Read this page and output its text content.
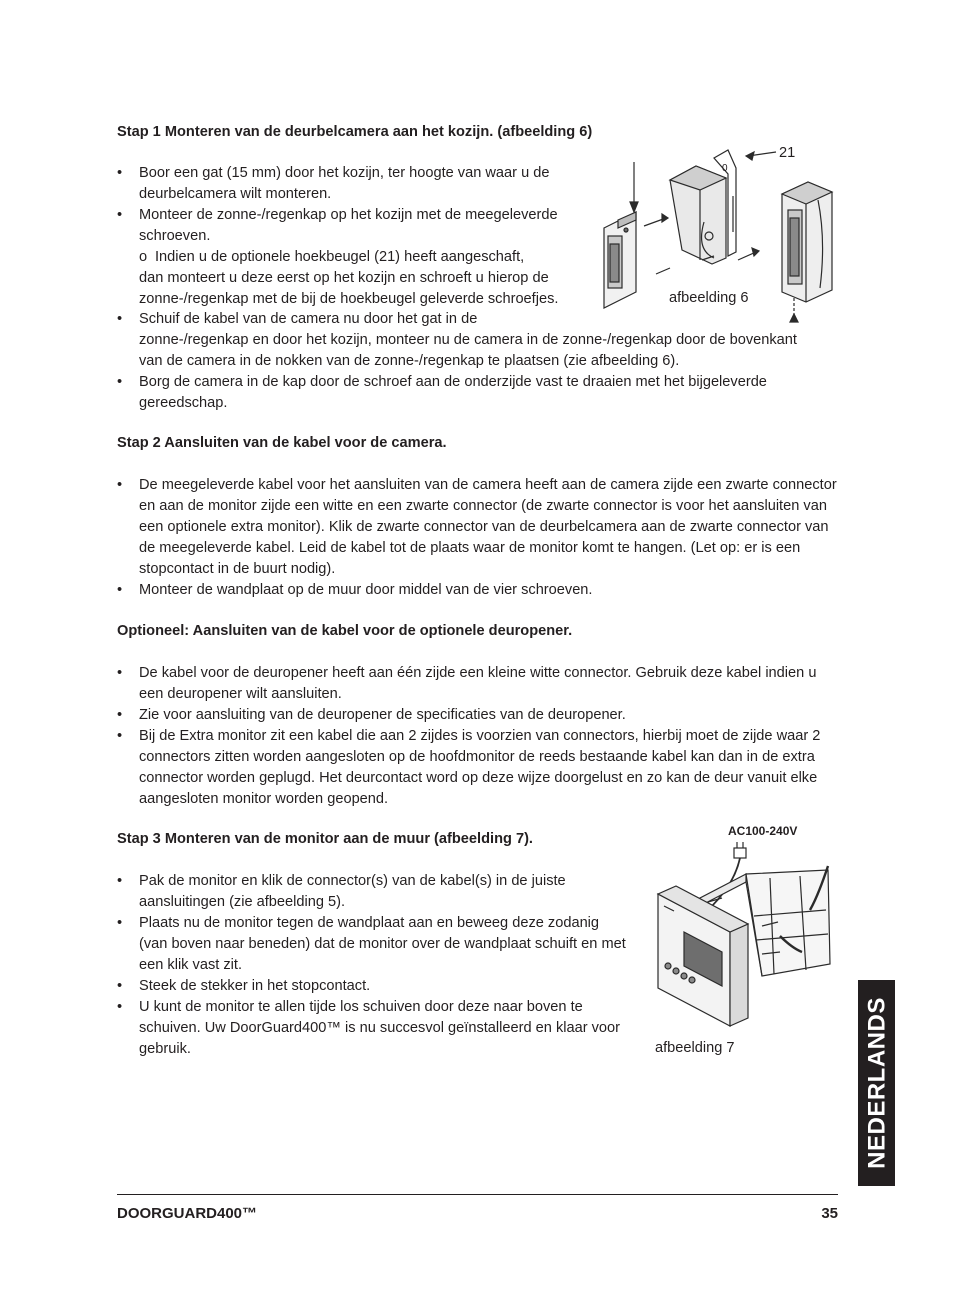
Stap 1 Monteren van de deurbelcamera aan het kozijn. (afbeelding 6)
• Boor een gat (15 mm) door het kozijn, ter hoogte van waar u de deurbelcamera wilt monteren.
• Monteer de zonne-/regenkap op het kozijn met de meegeleverde schroeven.
o Indien u de optionele hoekbeugel (21) heeft aangeschaft,
dan monteert u deze eerst op het kozijn en schroeft u hierop de
zonne-/regenkap met de bij de hoekbeugel geleverde schroefjes.
• Schuif de kabel van de camera nu door het gat in de
zonne-/regenkap en door het kozijn, monteer nu de camera in de zonne-/regenkap door de bovenkant
van de camera in de nokken van de zonne-/regenkap te plaatsen (zie afbeelding 6).
• Borg de camera in de kap door de schroef aan de onderzijde vast te draaien met het bijgeleverde gereedschap.
21
0
afbeelding 6
Stap 2 Aansluiten van de kabel voor de camera.
• De meegeleverde kabel voor het aansluiten van de camera heeft aan de camera zijde een zwarte connector en aan de monitor zijde een witte en een zwarte connector (de zwarte connector is voor het aansluiten van een optionele extra monitor). Klik de zwarte connector van de deurbelcamera aan de zwarte connector van de meegeleverde kabel. Leid de kabel tot de plaats waar de monitor komt te hangen. (Let op: er is een stopcontact in de buurt nodig).
• Monteer de wandplaat op de muur door middel van de vier schroeven.
Optioneel: Aansluiten van de kabel voor de optionele deuropener.
• De kabel voor de deuropener heeft aan één zijde een kleine witte connector. Gebruik deze kabel indien u een deuropener wilt aansluiten.
• Zie voor aansluiting van de deuropener de specificaties van de deuropener.
• Bij de Extra monitor zit een kabel die aan 2 zijdes is voorzien van connectors, hierbij moet de zijde waar 2 connectors zitten worden aangesloten op de hoofdmonitor de reeds bestaande kabel kan dan in de extra connector worden geplugd. Het deurcontact word op deze wijze doorgelust en zo kan de deur vanuit elke aangesloten monitor worden geopend.
Stap 3 Monteren van de monitor aan de muur (afbeelding 7).
• Pak de monitor en klik de connector(s) van de kabel(s) in de juiste aansluitingen (zie afbeelding 5).
• Plaats nu de monitor tegen de wandplaat aan en beweeg deze zodanig (van boven naar beneden) dat de monitor over de wandplaat schuift en met een klik vast zit.
• Steek de stekker in het stopcontact.
• U kunt de monitor te allen tijde los schuiven door deze naar boven te schuiven. Uw DoorGuard400™ is nu succesvol geïnstalleerd en klaar voor gebruik.
AC100-240V
afbeelding 7	NEDERLANDS
DOORGUARD400™	35
